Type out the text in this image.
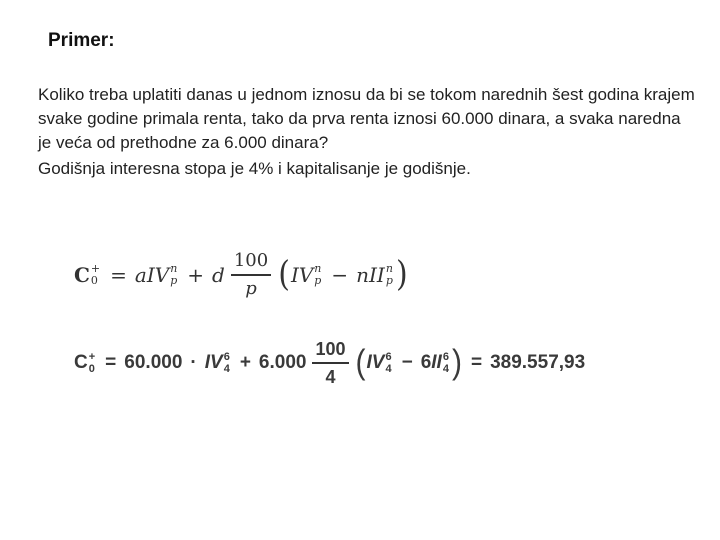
Primer:

Koliko treba uplatiti danas u jednom iznosu da bi se tokom narednih šest godina krajem svake godine primala renta, tako da prva renta iznosi 60.000 dinara, a svaka naredna je veća od prethodne za 6.000 dinara?

Godišnja interesna stopa je 4% i kapitalisanje je godišnje.

C +
0 = a IV n
p + d $\frac{100}{p}$ ( IV n
p − n II n
p )
C +
0 = 60.000 · IV 6
$4 + 6.000 \frac{100}{4}$ ( IV 6
4 − 6 II 6
4 ) = 389.557,93
